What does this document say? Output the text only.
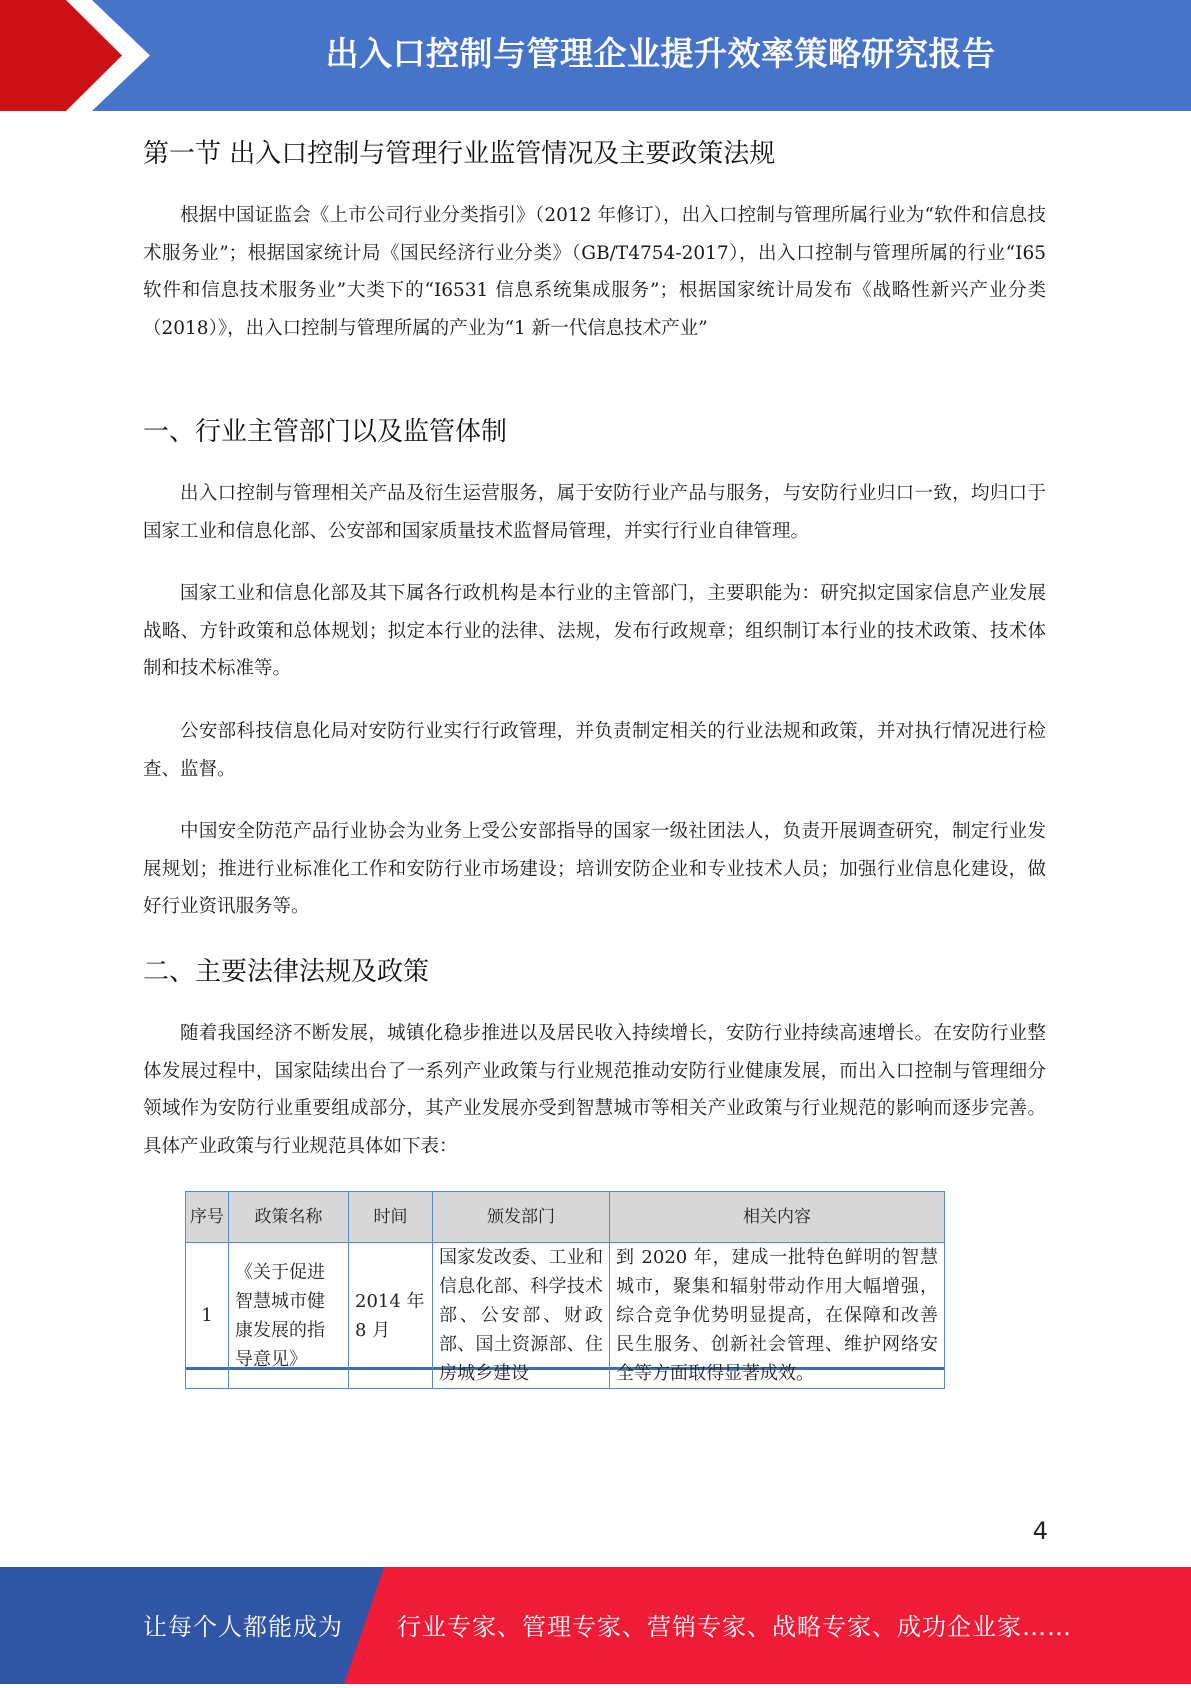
出入口控制与管理企业提升效率策略研究报告
第一节 出入口控制与管理行业监管情况及主要政策法规
根据中国证监会《上市公司行业分类指引》（2012 年修订），出入口控制与管理所属行业为“软件和信息技术服务业”；根据国家统计局《国民经济行业分类》（GB/T4754-2017），出入口控制与管理所属的行业“I65 软件和信息技术服务业”大类下的“I6531 信息系统集成服务”；根据国家统计局发布《战略性新兴产业分类（2018）》，出入口控制与管理所属的产业为“1 新一代信息技术产业”
一、行业主管部门以及监管体制
出入口控制与管理相关产品及衍生运营服务，属于安防行业产品与服务，与安防行业归口一致，均归口于国家工业和信息化部、公安部和国家质量技术监督局管理，并实行行业自律管理。
国家工业和信息化部及其下属各行政机构是本行业的主管部门，主要职能为：研究拟定国家信息产业发展战略、方针政策和总体规划；拟定本行业的法律、法规，发布行政规章；组织制订本行业的技术政策、技术体制和技术标准等。
公安部科技信息化局对安防行业实行行政管理，并负责制定相关的行业法规和政策，并对执行情况进行检查、监督。
中国安全防范产品行业协会为业务上受公安部指导的国家一级社团法人，负责开展调查研究，制定行业发展规划；推进行业标准化工作和安防行业市场建设；培训安防企业和专业技术人员；加强行业信息化建设，做好行业资讯服务等。
二、主要法律法规及政策
随着我国经济不断发展，城镇化稳步推进以及居民收入持续增长，安防行业持续高速增长。在安防行业整体发展过程中，国家陆续出台了一系列产业政策与行业规范推动安防行业健康发展，而出入口控制与管理细分领域作为安防行业重要组成部分，其产业发展亦受到智慧城市等相关产业政策与行业规范的影响而逐步完善。具体产业政策与行业规范具体如下表：
序号	政策名称	时间	颁发部门	相关内容
1	《关于促进智慧城市健康发展的指导意见》	2014 年 8 月	国家发改委、工业和信息化部、科学技术部、公安部、财政部、国土资源部、住房城乡建设	到 2020 年，建成一批特色鲜明的智慧城市，聚集和辐射带动作用大幅增强，综合竞争优势明显提高，在保障和改善民生服务、创新社会管理、维护网络安全等方面取得显著成效。
4
让每个人都能成为 行业专家、管理专家、营销专家、战略专家、成功企业家……
